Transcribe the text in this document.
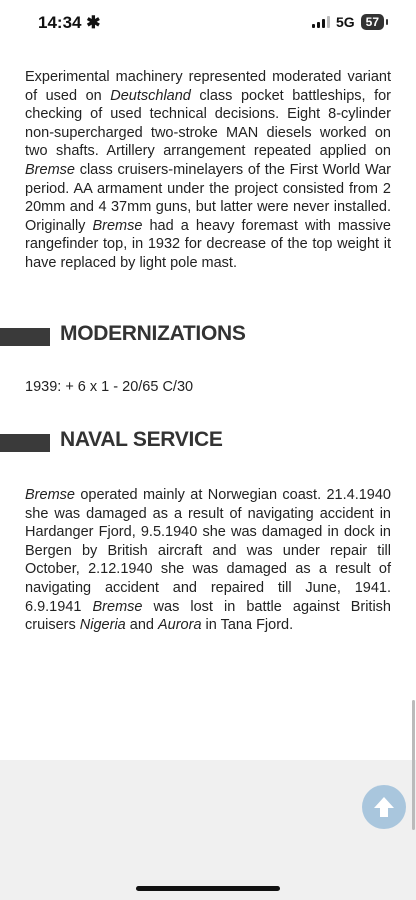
14:34 ✱	5G 57

Experimental machinery represented moderated variant of used on Deutschland class pocket battleships, for checking of used technical decisions. Eight 8-cylinder non-supercharged two-stroke MAN diesels worked on two shafts. Artillery arrangement repeated applied on Bremse class cruisers-minelayers of the First World War period. AA armament under the project consisted from 2 20mm and 4 37mm guns, but latter were never installed. Originally Bremse had a heavy foremast with massive rangefinder top, in 1932 for decrease of the top weight it have replaced by light pole mast.

MODERNIZATIONS
1939: + 6 x 1 - 20/65 C/30
NAVAL SERVICE

Bremse operated mainly at Norwegian coast. 21.4.1940 she was damaged as a result of navigating accident in Hardanger Fjord, 9.5.1940 she was damaged in dock in Bergen by British aircraft and was under repair till October, 2.12.1940 she was damaged as a result of navigating accident and repaired till June, 1941. 6.9.1941 Bremse was lost in battle against British cruisers Nigeria and Aurora in Tana Fjord.
